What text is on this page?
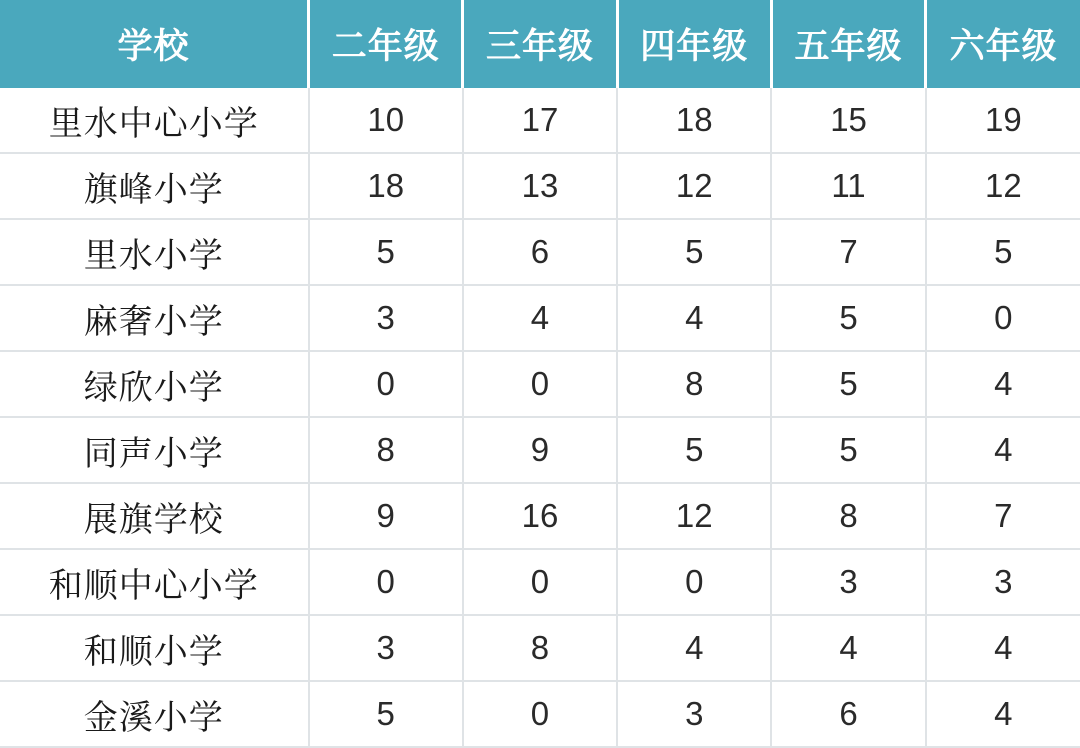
学校	二年级	三年级	四年级	五年级	六年级
里水中心小学	10	17	18	15	19
旗峰小学	18	13	12	11	12
里水小学	5	6	5	7	5
麻奢小学	3	4	4	5	0
绿欣小学	0	0	8	5	4
同声小学	8	9	5	5	4
展旗学校	9	16	12	8	7
和顺中心小学	0	0	0	3	3
和顺小学	3	8	4	4	4
金溪小学	5	0	3	6	4
